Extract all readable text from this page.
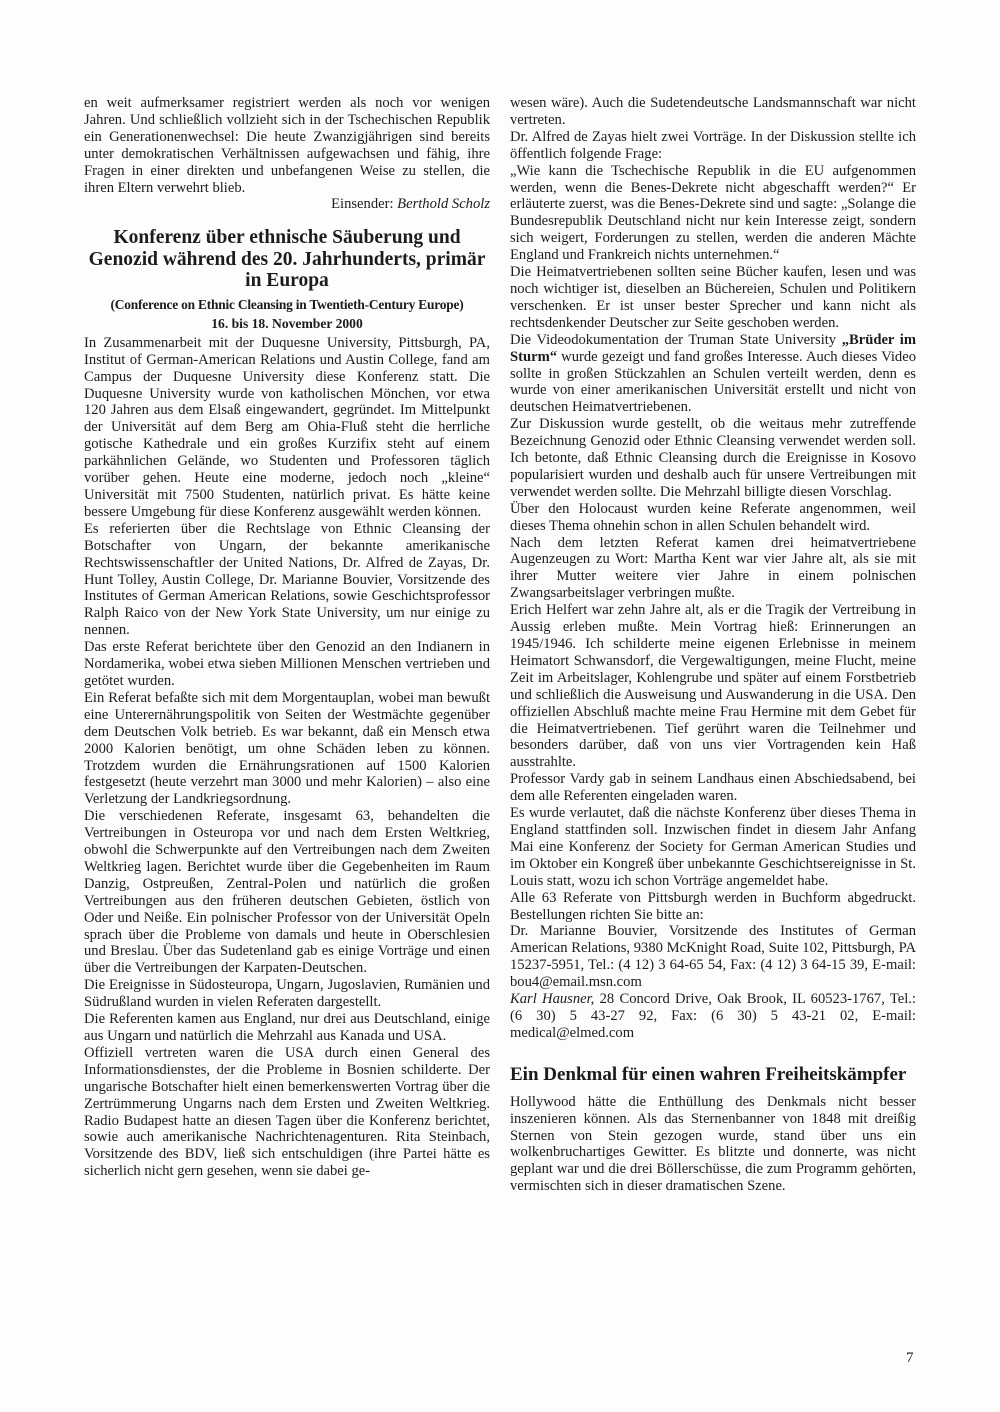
en weit aufmerksamer registriert werden als noch vor wenigen Jahren. Und schließlich vollzieht sich in der Tschechischen Republik ein Generationenwechsel: Die heute Zwanzigjährigen sind bereits unter demokratischen Verhältnissen aufgewachsen und fähig, ihre Fragen in einer direkten und unbefangenen Weise zu stellen, die ihren Eltern verwehrt blieb.

Einsender: Berthold Scholz

Konferenz über ethnische Säuberung und Genozid während des 20. Jahrhunderts, primär in Europa

(Conference on Ethnic Cleansing in Twentieth-Century Europe)

16. bis 18. November 2000

In Zusammenarbeit mit der Duquesne University, Pittsburgh, PA, Institut of German-American Relations und Austin College, fand am Campus der Duquesne University diese Konferenz statt. Die Duquesne University wurde von katholischen Mönchen, vor etwa 120 Jahren aus dem Elsaß eingewandert, gegründet. Im Mittelpunkt der Universität auf dem Berg am Ohia-Fluß steht die herrliche gotische Kathedrale und ein großes Kurzifix steht auf einem parkähnlichen Gelände, wo Studenten und Professoren täglich vorüber gehen. Heute eine moderne, jedoch noch „kleine“ Universität mit 7500 Studenten, natürlich privat. Es hätte keine bessere Umgebung für diese Konferenz ausgewählt werden können.

Es referierten über die Rechtslage von Ethnic Cleansing der Botschafter von Ungarn, der bekannte amerikanische Rechtswissenschaftler der United Nations, Dr. Alfred de Zayas, Dr. Hunt Tolley, Austin College, Dr. Marianne Bouvier, Vorsitzende des Institutes of German American Relations, sowie Geschichtsprofessor Ralph Raico von der New York State University, um nur einige zu nennen.

Das erste Referat berichtete über den Genozid an den Indianern in Nordamerika, wobei etwa sieben Millionen Menschen vertrieben und getötet wurden.

Ein Referat befaßte sich mit dem Morgentauplan, wobei man bewußt eine Unterernährungspolitik von Seiten der Westmächte gegenüber dem Deutschen Volk betrieb. Es war bekannt, daß ein Mensch etwa 2000 Kalorien benötigt, um ohne Schäden leben zu können. Trotzdem wurden die Ernährungsrationen auf 1500 Kalorien festgesetzt (heute verzehrt man 3000 und mehr Kalorien) – also eine Verletzung der Landkriegsordnung.

Die verschiedenen Referate, insgesamt 63, behandelten die Vertreibungen in Osteuropa vor und nach dem Ersten Weltkrieg, obwohl die Schwerpunkte auf den Vertreibungen nach dem Zweiten Weltkrieg lagen. Berichtet wurde über die Gegebenheiten im Raum Danzig, Ostpreußen, Zentral-Polen und natürlich die großen Vertreibungen aus den früheren deutschen Gebieten, östlich von Oder und Neiße. Ein polnischer Professor von der Universität Opeln sprach über die Probleme von damals und heute in Oberschlesien und Breslau. Über das Sudetenland gab es einige Vorträge und einen über die Vertreibungen der Karpaten-Deutschen.

Die Ereignisse in Südosteuropa, Ungarn, Jugoslavien, Rumänien und Südrußland wurden in vielen Referaten dargestellt.

Die Referenten kamen aus England, nur drei aus Deutschland, einige aus Ungarn und natürlich die Mehrzahl aus Kanada und USA.

Offiziell vertreten waren die USA durch einen General des Informationsdienstes, der die Probleme in Bosnien schilderte. Der ungarische Botschafter hielt einen bemerkenswerten Vortrag über die Zertrümmerung Ungarns nach dem Ersten und Zweiten Weltkrieg. Radio Budapest hatte an diesen Tagen über die Konferenz berichtet, sowie auch amerikanische Nachrichtenagenturen. Rita Steinbach, Vorsitzende des BDV, ließ sich entschuldigen (ihre Partei hätte es sicherlich nicht gern gesehen, wenn sie dabei ge-

wesen wäre). Auch die Sudetendeutsche Landsmannschaft war nicht vertreten.

Dr. Alfred de Zayas hielt zwei Vorträge. In der Diskussion stellte ich öffentlich folgende Frage:

„Wie kann die Tschechische Republik in die EU aufgenommen werden, wenn die Benes-Dekrete nicht abgeschafft werden?“ Er erläuterte zuerst, was die Benes-Dekrete sind und sagte: „Solange die Bundesrepublik Deutschland nicht nur kein Interesse zeigt, sondern sich weigert, Forderungen zu stellen, werden die anderen Mächte England und Frankreich nichts unternehmen.“

Die Heimatvertriebenen sollten seine Bücher kaufen, lesen und was noch wichtiger ist, dieselben an Büchereien, Schulen und Politikern verschenken. Er ist unser bester Sprecher und kann nicht als rechtsdenkender Deutscher zur Seite geschoben werden.

Die Videodokumentation der Truman State University „Brüder im Sturm“ wurde gezeigt und fand großes Interesse. Auch dieses Video sollte in großen Stückzahlen an Schulen verteilt werden, denn es wurde von einer amerikanischen Universität erstellt und nicht von deutschen Heimatvertriebenen.

Zur Diskussion wurde gestellt, ob die weitaus mehr zutreffende Bezeichnung Genozid oder Ethnic Cleansing verwendet werden soll. Ich betonte, daß Ethnic Cleansing durch die Ereignisse in Kosovo popularisiert wurden und deshalb auch für unsere Vertreibungen mit verwendet werden sollte. Die Mehrzahl billigte diesen Vorschlag.

Über den Holocaust wurden keine Referate angenommen, weil dieses Thema ohnehin schon in allen Schulen behandelt wird.

Nach dem letzten Referat kamen drei heimatvertriebene Augenzeugen zu Wort: Martha Kent war vier Jahre alt, als sie mit ihrer Mutter weitere vier Jahre in einem polnischen Zwangsarbeitslager verbringen mußte.

Erich Helfert war zehn Jahre alt, als er die Tragik der Vertreibung in Aussig erleben mußte. Mein Vortrag hieß: Erinnerungen an 1945/1946. Ich schilderte meine eigenen Erlebnisse in meinem Heimatort Schwansdorf, die Vergewaltigungen, meine Flucht, meine Zeit im Arbeitslager, Kohlengrube und später auf einem Forstbetrieb und schließlich die Ausweisung und Auswanderung in die USA. Den offiziellen Abschluß machte meine Frau Hermine mit dem Gebet für die Heimatvertriebenen. Tief gerührt waren die Teilnehmer und besonders darüber, daß von uns vier Vortragenden kein Haß ausstrahlte.

Professor Vardy gab in seinem Landhaus einen Abschiedsabend, bei dem alle Referenten eingeladen waren.

Es wurde verlautet, daß die nächste Konferenz über dieses Thema in England stattfinden soll. Inzwischen findet in diesem Jahr Anfang Mai eine Konferenz der Society for German American Studies und im Oktober ein Kongreß über unbekannte Geschichtsereignisse in St. Louis statt, wozu ich schon Vorträge angemeldet habe.

Alle 63 Referate von Pittsburgh werden in Buchform abgedruckt. Bestellungen richten Sie bitte an:

Dr. Marianne Bouvier, Vorsitzende des Institutes of German American Relations, 9380 McKnight Road, Suite 102, Pittsburgh, PA 15237-5951, Tel.: (4 12) 3 64-65 54, Fax: (4 12) 3 64-15 39, E-mail: bou4@email.msn.com

Karl Hausner, 28 Concord Drive, Oak Brook, IL 60523-1767, Tel.: (6 30) 5 43-27 92, Fax: (6 30) 5 43-21 02, E-mail: medical@elmed.com

Ein Denkmal für einen wahren Freiheitskämpfer

Hollywood hätte die Enthüllung des Denkmals nicht besser inszenieren können. Als das Sternenbanner von 1848 mit dreißig Sternen von Stein gezogen wurde, stand über uns ein wolkenbruchartiges Gewitter. Es blitzte und donnerte, was nicht geplant war und die drei Böllerschüsse, die zum Programm gehörten, vermischten sich in dieser dramatischen Szene.

7
